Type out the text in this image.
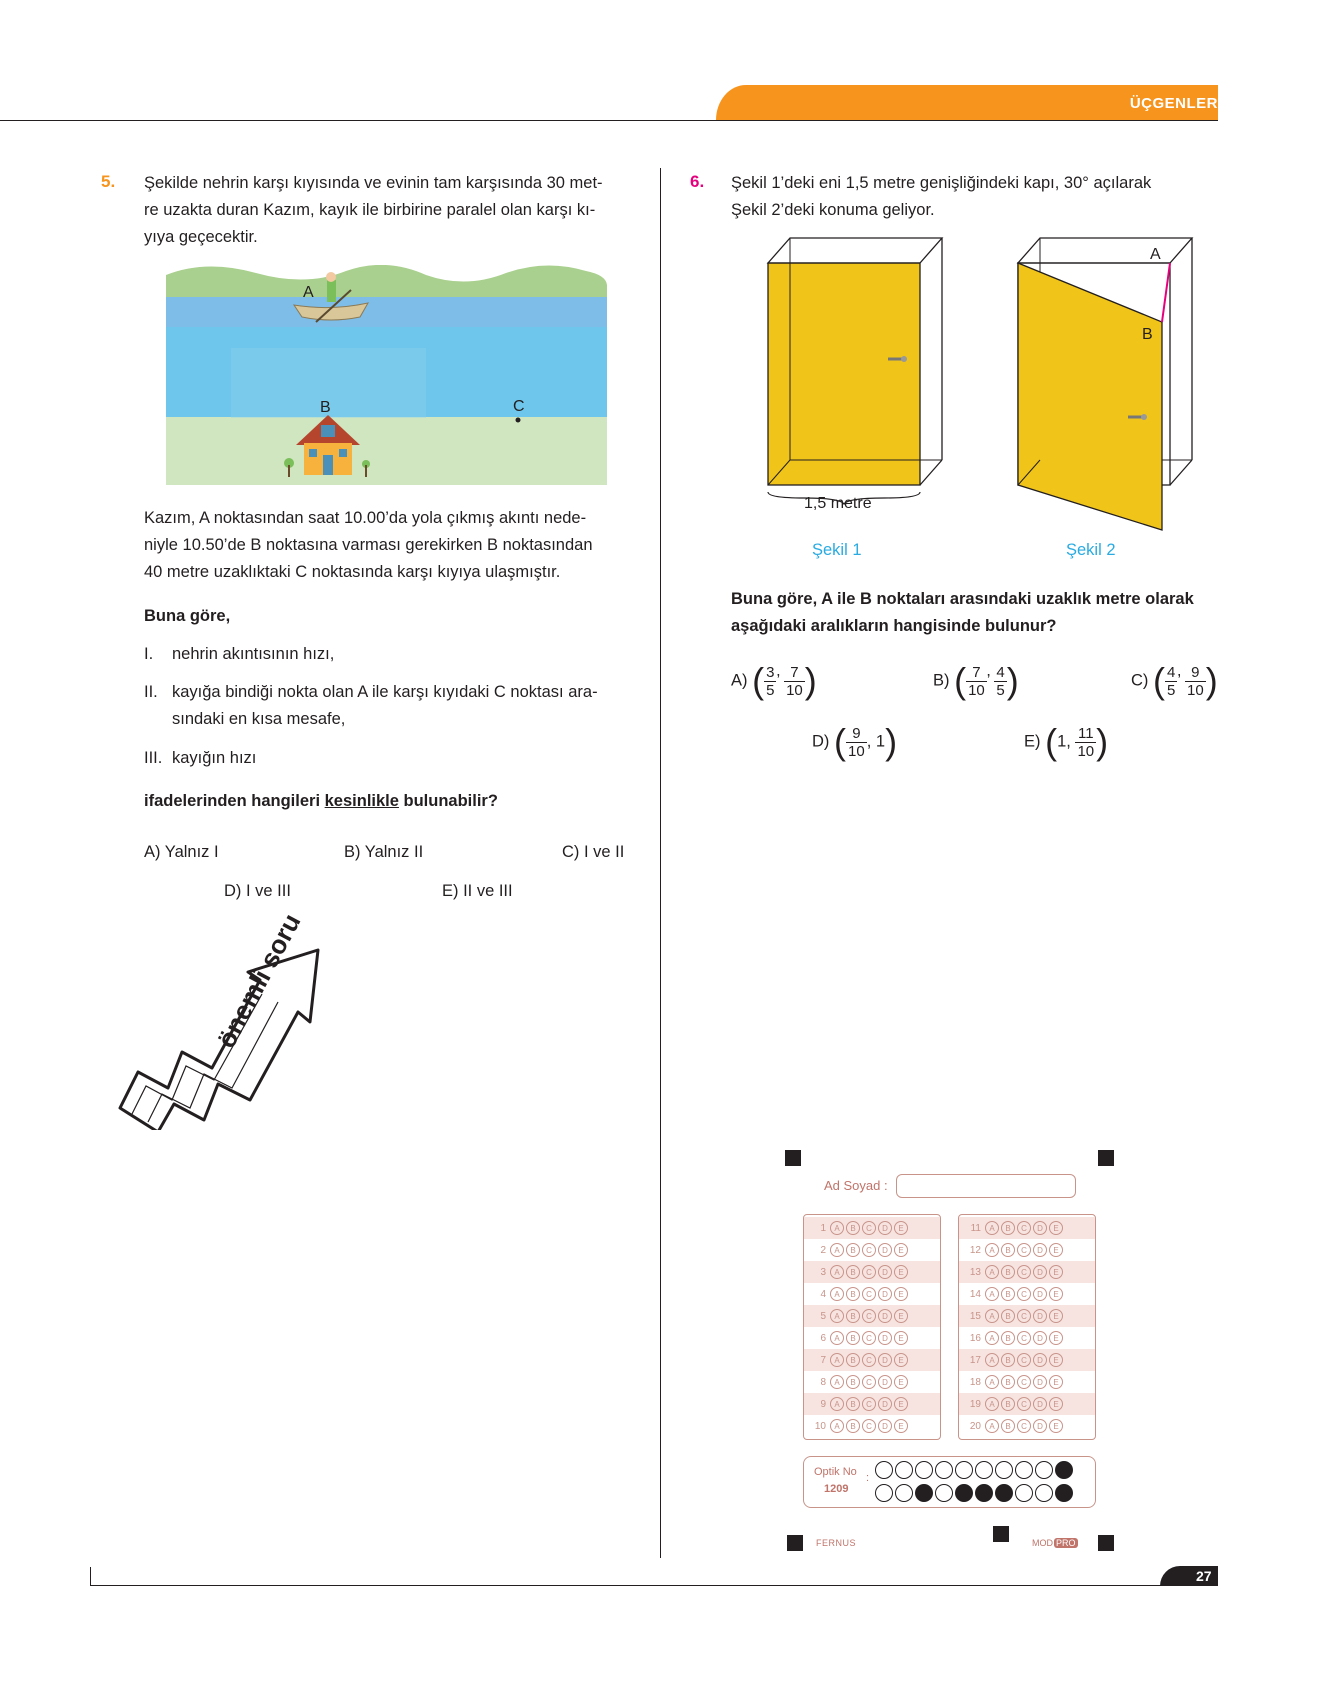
ÜÇGENLER
5. Şekilde nehrin karşı kıyısında ve evinin tam karşısında 30 met-
re uzakta duran Kazım, kayık ile birbirine paralel olan karşı kı-
yıya geçecektir.
A
B	C
Kazım, A noktasından saat 10.00’da yola çıkmış akıntı nede-
niyle 10.50’de B noktasına varması gerekirken B noktasından
40 metre uzaklıktaki C noktasında karşı kıyıya ulaşmıştır.
Buna göre,
I. nehrin akıntısının hızı,
II. kayığa bindiği nokta olan A ile karşı kıyıdaki C noktası ara-
sındaki en kısa mesafe,
III. kayığın hızı
ifadelerinden hangileri kesinlikle bulunabilir?
A) Yalnız I	B) Yalnız II	C) I ve II
D) I ve III	E) II ve III
önemli soru
6. Şekil 1’deki eni 1,5 metre genişliğindeki kapı, 30° açılarak
Şekil 2’deki konuma geliyor.
1,5 metre
Şekil 1
A
B
Şekil 2
Buna göre, A ile B noktaları arasındaki uzaklık metre olarak
aşağıdaki aralıkların hangisinde bulunur?
A) ( $\frac{3}{5}$ ’ $\frac{7}{10}$ )	B) ( $\frac{7}{10}$ ’ $\frac{4}{5}$ )	C) ( $\frac{4}{5}$ ’ $\frac{9}{10}$ )
D) ( $\frac{9}{10}$ , 1)	E) (1, $\frac{11}{10}$ )
Ad Soyad :
1	A	B	C	D	E
2	A	B	C	D	E
3	A	B	C	D	E
4	A	B	C	D	E
5	A	B	C	D	E
6	A	B	C	D	E
7	A	B	C	D	E
8	A	B	C	D	E
9	A	B	C	D	E
10	A	B	C	D	E
11	A	B	C	D	E
12	A	B	C	D	E
13	A	B	C	D	E
14	A	B	C	D	E
15	A	B	C	D	E
16	A	B	C	D	E
17	A	B	C	D	E
18	A	B	C	D	E
19	A	B	C	D	E
20	A	B	C	D	E
Optik No
1209
:
FERNUS	MOD PRO
27
